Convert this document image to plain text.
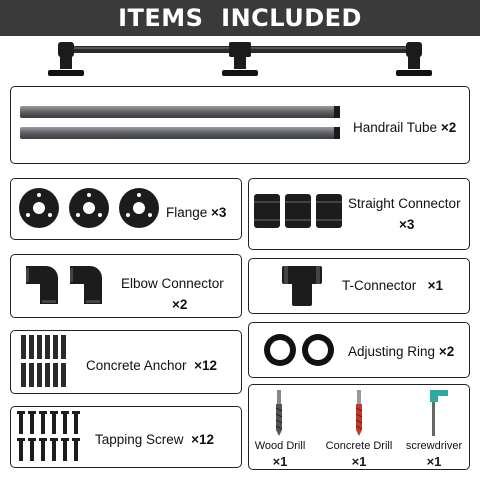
ITEMS  INCLUDED
Handrail Tube ×2
Flange ×3
Straight Connector
×3
Elbow Connector
×2
T-Connector ×1
Concrete Anchor ×12
Adjusting Ring ×2
Tapping Screw ×12	Wood Drill
×1
Concrete Drill
×1
screwdriver
×1
